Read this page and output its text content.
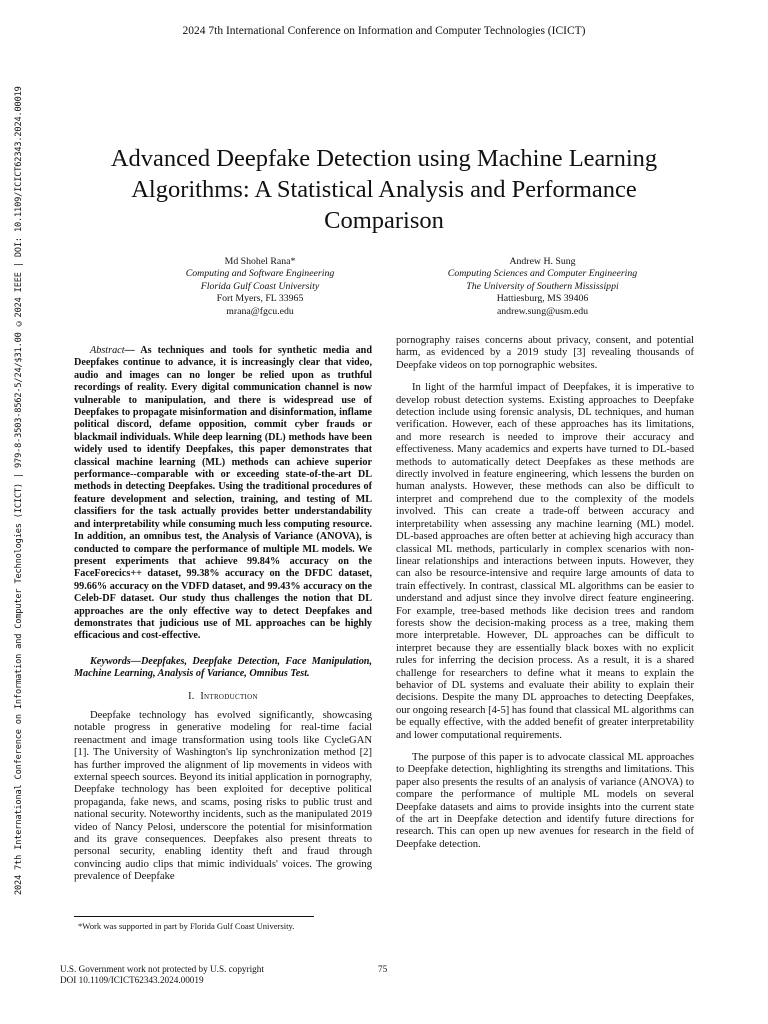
2024 7th International Conference on Information and Computer Technologies (ICICT)
2024 7th International Conference on Information and Computer Technologies (ICICT) | 979-8-3503-8562-5/24/$31.00 ©2024 IEEE | DOI: 10.1109/ICICT62343.2024.00019	Advanced Deepfake Detection using Machine Learning Algorithms: A Statistical Analysis and Performance Comparison
Md Shohel Rana*
Computing and Software Engineering
Florida Gulf Coast University
Fort Myers, FL 33965
mrana@fgcu.edu
Andrew H. Sung
Computing Sciences and Computer Engineering
The University of Southern Mississippi
Hattiesburg, MS 39406
andrew.sung@usm.edu
Abstract— As techniques and tools for synthetic media and Deepfakes continue to advance, it is increasingly clear that video, audio and images can no longer be relied upon as truthful recordings of reality. Every digital communication channel is now vulnerable to manipulation, and there is widespread use of Deepfakes to propagate misinformation and disinformation, inflame political discord, defame opposition, commit cyber frauds or blackmail individuals. While deep learning (DL) methods have been widely used to identify Deepfakes, this paper demonstrates that classical machine learning (ML) methods can achieve superior performance--comparable with or exceeding state-of-the-art DL methods in detecting Deepfakes. Using the traditional procedures of feature development and selection, training, and testing of ML classifiers for the task actually provides better understandability and interpretability while consuming much less computing resource. In addition, an omnibus test, the Analysis of Variance (ANOVA), is conducted to compare the performance of multiple ML models. We present experiments that achieve 99.84% accuracy on the FaceForecics++ dataset, 99.38% accuracy on the DFDC dataset, 99.66% accuracy on the VDFD dataset, and 99.43% accuracy on the Celeb-DF dataset. Our study thus challenges the notion that DL approaches are the only effective way to detect Deepfakes and demonstrates that judicious use of ML approaches can be highly efficacious and cost-effective.
Keywords—Deepfakes, Deepfake Detection, Face Manipulation, Machine Learning, Analysis of Variance, Omnibus Test.
I. Introduction

Deepfake technology has evolved significantly, showcasing notable progress in generative modeling for real-time facial reenactment and image transformation using tools like CycleGAN [1]. The University of Washington's lip synchronization method [2] has further improved the alignment of lip movements in videos with external speech sources. Beyond its initial application in pornography, Deepfake technology has been exploited for deceptive political propaganda, fake news, and scams, posing risks to public trust and national security. Noteworthy incidents, such as the manipulated 2019 video of Nancy Pelosi, underscore the potential for misinformation and its grave consequences. Deepfakes also present threats to personal security, enabling identity theft and fraud through convincing audio clips that mimic individuals' voices. The growing prevalence of Deepfake

pornography raises concerns about privacy, consent, and potential harm, as evidenced by a 2019 study [3] revealing thousands of Deepfake videos on top pornographic websites.

In light of the harmful impact of Deepfakes, it is imperative to develop robust detection systems. Existing approaches to Deepfake detection include using forensic analysis, DL techniques, and human verification. However, each of these approaches has its limitations, and more research is needed to improve their accuracy and effectiveness. Many academics and experts have turned to DL-based methods to automatically detect Deepfakes as these methods are directly involved in feature engineering, which lessens the burden on human analysts. However, these methods can also be difficult to interpret and comprehend due to the complexity of the models involved. This can create a trade-off between accuracy and interpretability when assessing any machine learning (ML) model. DL-based approaches are often better at achieving high accuracy than classical ML methods, particularly in complex scenarios with non-linear relationships and interactions between inputs. However, they can also be resource-intensive and require large amounts of data to train effectively. In contrast, classical ML algorithms can be easier to understand and adjust since they involve direct feature engineering. For example, tree-based methods like decision trees and random forests show the decision-making process as a tree, making them more interpretable. However, DL approaches can be difficult to interpret because they are essentially black boxes with no explicit rules for inferring the decision process. As a result, it is a shared challenge for researchers to define what it means to explain the behavior of DL systems and evaluate their ability to explain their decisions. Despite the many DL approaches to detecting Deepfakes, our ongoing research [4-5] has found that classical ML algorithms can be equally effective, with the added benefit of greater interpretability and lower computational requirements.

The purpose of this paper is to advocate classical ML approaches to Deepfake detection, highlighting its strengths and limitations. This paper also presents the results of an analysis of variance (ANOVA) to compare the performance of multiple ML models on several Deepfake datasets and aims to provide insights into the current state of the art in Deepfake detection and identify future directions for research. This can open up new avenues for research in the field of Deepfake detection.

*Work was supported in part by Florida Gulf Coast University.
U.S. Government work not protected by U.S. copyright
DOI 10.1109/ICICT62343.2024.00019
75
